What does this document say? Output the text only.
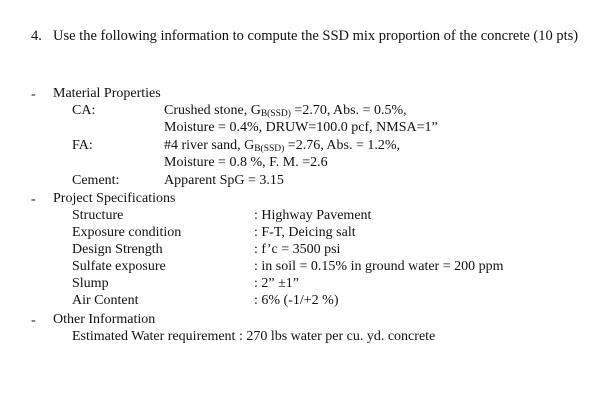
4. Use the following information to compute the SSD mix proportion of the concrete (10 pts)
- Material Properties
CA:	Crushed stone, GB(SSD) =2.70, Abs. = 0.5%,
Moisture = 0.4%, DRUW=100.0 pcf, NMSA=1”
FA:	#4 river sand, GB(SSD) =2.76, Abs. = 1.2%,
Moisture = 0.8 %, F. M. =2.6
Cement:	Apparent SpG = 3.15
- Project Specifications
Structure	: Highway Pavement
Exposure condition	: F-T, Deicing salt
Design Strength	: f’c = 3500 psi
Sulfate exposure	: in soil = 0.15% in ground water = 200 ppm
Slump	: 2” ±1”
Air Content	: 6% (-1/+2 %)
- Other Information
Estimated Water requirement : 270 lbs water per cu. yd. concrete
